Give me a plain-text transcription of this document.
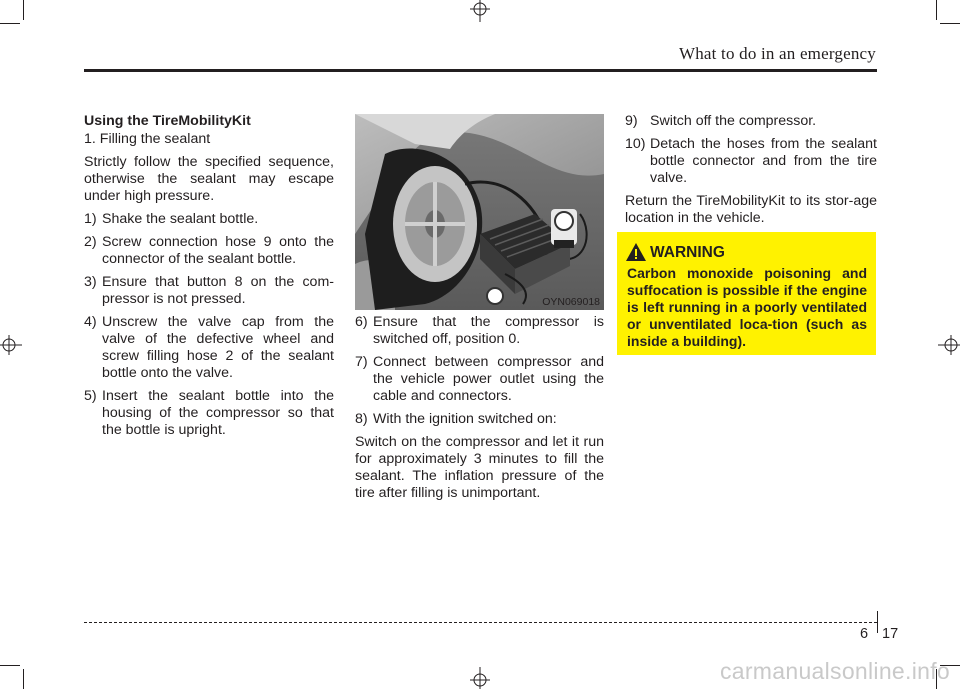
What to do in an emergency

Using the TireMobilityKit

1. Filling the sealant

Strictly follow the specified sequence, otherwise the sealant may escape under high pressure.

1) Shake the sealant bottle.
2) Screw connection hose 9 onto the connector of the sealant bottle.
3) Ensure that button 8 on the com-pressor is not pressed.
4) Unscrew the valve cap from the valve of the defective wheel and screw filling hose 2 of the sealant bottle onto the valve.
5) Insert the sealant bottle into the housing of the compressor so that the bottle is upright.
OYN069018
6) Ensure that the compressor is switched off, position 0.
7) Connect between compressor and the vehicle power outlet using the cable and connectors.
8) With the ignition switched on:

Switch on the compressor and let it run for approximately 3 minutes to fill the sealant. The inflation pressure of the tire after filling is unimportant.

9) Switch off the compressor.
10) Detach the hoses from the sealant bottle connector and from the tire valve.

Return the TireMobilityKit to its stor-age location in the vehicle.

WARNING
Carbon monoxide poisoning and suffocation is possible if the engine is left running in a poorly ventilated or unventilated loca-tion (such as inside a building).
6 17
carmanualsonline.info
